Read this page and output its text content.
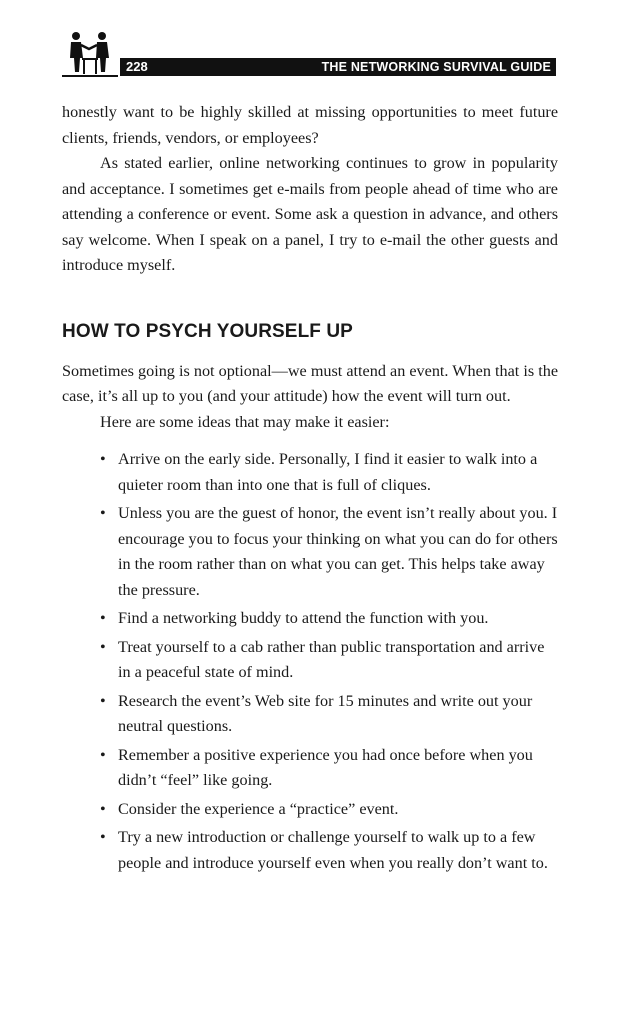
228	THE NETWORKING SURVIVAL GUIDE

honestly want to be highly skilled at missing opportunities to meet future clients, friends, vendors, or employees?

As stated earlier, online networking continues to grow in popularity and acceptance. I sometimes get e-mails from people ahead of time who are attending a conference or event. Some ask a question in advance, and others say welcome. When I speak on a panel, I try to e-mail the other guests and introduce myself.

HOW TO PSYCH YOURSELF UP

Sometimes going is not optional—we must attend an event. When that is the case, it’s all up to you (and your attitude) how the event will turn out.

Here are some ideas that may make it easier:

• Arrive on the early side. Personally, I find it easier to walk into a quieter room than into one that is full of cliques.
• Unless you are the guest of honor, the event isn’t really about you. I encourage you to focus your thinking on what you can do for others in the room rather than on what you can get. This helps take away the pressure.
• Find a networking buddy to attend the function with you.
• Treat yourself to a cab rather than public transportation and arrive in a peaceful state of mind.
• Research the event’s Web site for 15 minutes and write out your neutral questions.
• Remember a positive experience you had once before when you didn’t “feel” like going.
• Consider the experience a “practice” event.
• Try a new introduction or challenge yourself to walk up to a few people and introduce yourself even when you really don’t want to.
